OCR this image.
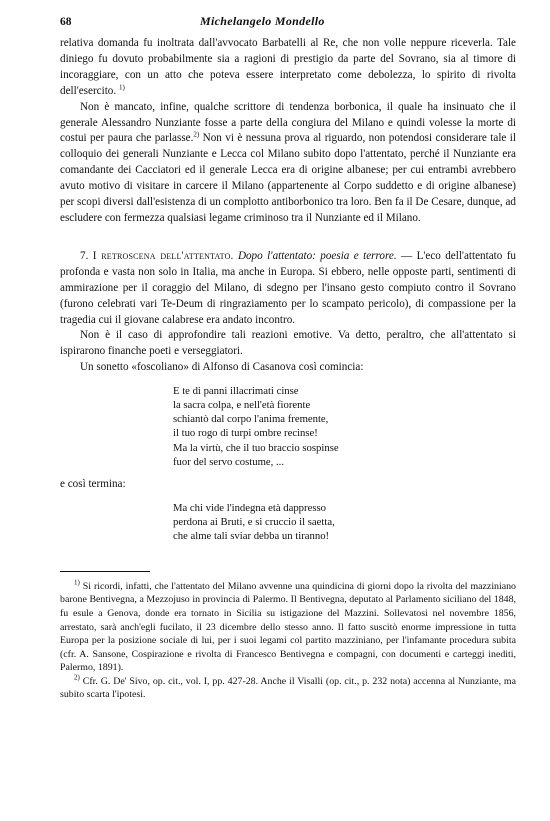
68	Michelangelo Mondello

relativa domanda fu inoltrata dall'avvocato Barbatelli al Re, che non volle neppure riceverla. Tale diniego fu dovuto probabilmente sia a ragioni di prestigio da parte del Sovrano, sia al timore di incoraggiare, con un atto che poteva essere interpretato come debolezza, lo spirito di rivolta dell'esercito. $^{1)}$

Non è mancato, infine, qualche scrittore di tendenza borbonica, il quale ha insinuato che il generale Alessandro Nunziante fosse a parte della congiura del Milano e quindi volesse la morte di costui per paura che parlasse.$^{2)}$ Non vi è nessuna prova al riguardo, non potendosi considerare tale il colloquio dei generali Nunziante e Lecca col Milano subito dopo l'attentato, perché il Nunziante era comandante dei Cacciatori ed il generale Lecca era di origine albanese; per cui entrambi avrebbero avuto motivo di visitare in carcere il Milano (appartenente al Corpo suddetto e di origine albanese) per scopi diversi dall'esistenza di un complotto antiborbonico tra loro. Ben fa il De Cesare, dunque, ad escludere con fermezza qualsiasi legame criminoso tra il Nunziante ed il Milano.

7. I retroscena dell'attentato. Dopo l'attentato: poesia e terrore. — L'eco dell'attentato fu profonda e vasta non solo in Italia, ma anche in Europa. Si ebbero, nelle opposte parti, sentimenti di ammirazione per il coraggio del Milano, di sdegno per l'insano gesto compiuto contro il Sovrano (furono celebrati vari Te-Deum di ringraziamento per lo scampato pericolo), di compassione per la tragedia cui il giovane calabrese era andato incontro.

Non è il caso di approfondire tali reazioni emotive. Va detto, peraltro, che all'attentato si ispirarono finanche poeti e verseggiatori.

Un sonetto «foscoliano» di Alfonso di Casanova così comincia:

E te di panni illacrimati cinse
la sacra colpa, e nell'età fiorente
schiantò dal corpo l'anima fremente,
il tuo rogo di turpi ombre recinse!
Ma la virtù, che il tuo braccio sospinse
fuor del servo costume, ...

e così termina:

Ma chi vide l'indegna età dappresso
perdona ai Bruti, e si cruccio il saetta,
che alme tali sviar debba un tiranno!

$^{1)}$ Si ricordi, infatti, che l'attentato del Milano avvenne una quindicina di giorni dopo la rivolta del mazziniano barone Bentivegna, a Mezzojuso in provincia di Palermo. Il Bentivegna, deputato al Parlamento siciliano del 1848, fu esule a Genova, donde era tornato in Sicilia su istigazione del Mazzini. Sollevatosi nel novembre 1856, arrestato, sarà anch'egli fucilato, il 23 dicembre dello stesso anno. Il fatto suscitò enorme impressione in tutta Europa per la posizione sociale di lui, per i suoi legami col partito mazziniano, per l'infamante procedura subita (cfr. A. Sansone, Cospirazione e rivolta di Francesco Bentivegna e compagni, con documenti e carteggi inediti, Palermo, 1891).

$^{2)}$ Cfr. G. De' Sivo, op. cit., vol. I, pp. 427-28. Anche il Visalli (op. cit., p. 232 nota) accenna al Nunziante, ma subito scarta l'ipotesi.
